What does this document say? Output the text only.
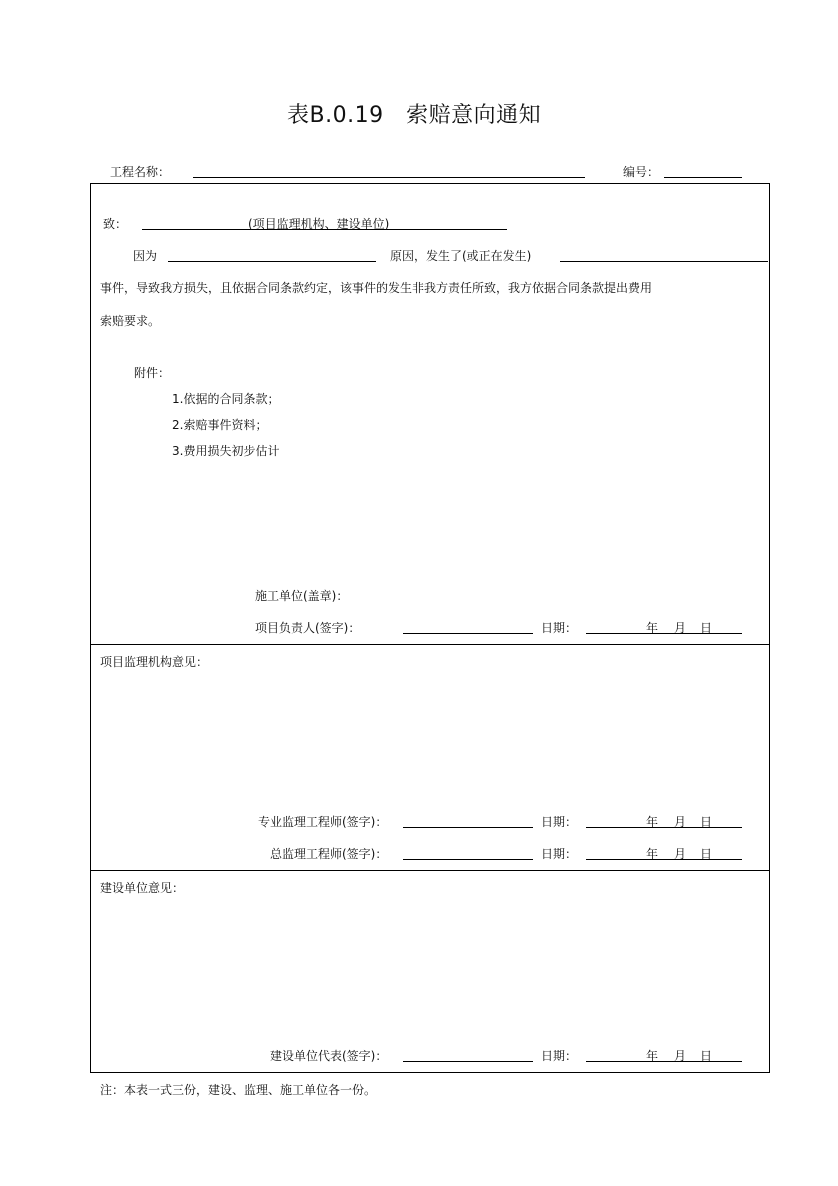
表B.0.19　索赔意向通知
工程名称：	编号：
致：	(项目监理机构、建设单位)
因为	原因，发生了(或正在发生)
事件，导致我方损失，且依据合同条款约定，该事件的发生非我方责任所致，我方依据合同条款提出费用
索赔要求。
附件：
1.依据的合同条款；
2.索赔事件资料；
3.费用损失初步估计
施工单位(盖章)：
项目负责人(签字)：	日期：	年 月 日
项目监理机构意见：
专业监理工程师(签字)：	日期：	年 月 日
总监理工程师(签字)：	日期：	年 月 日
建设单位意见：
建设单位代表(签字)：	日期：	年 月 日
注：本表一式三份，建设、监理、施工单位各一份。
